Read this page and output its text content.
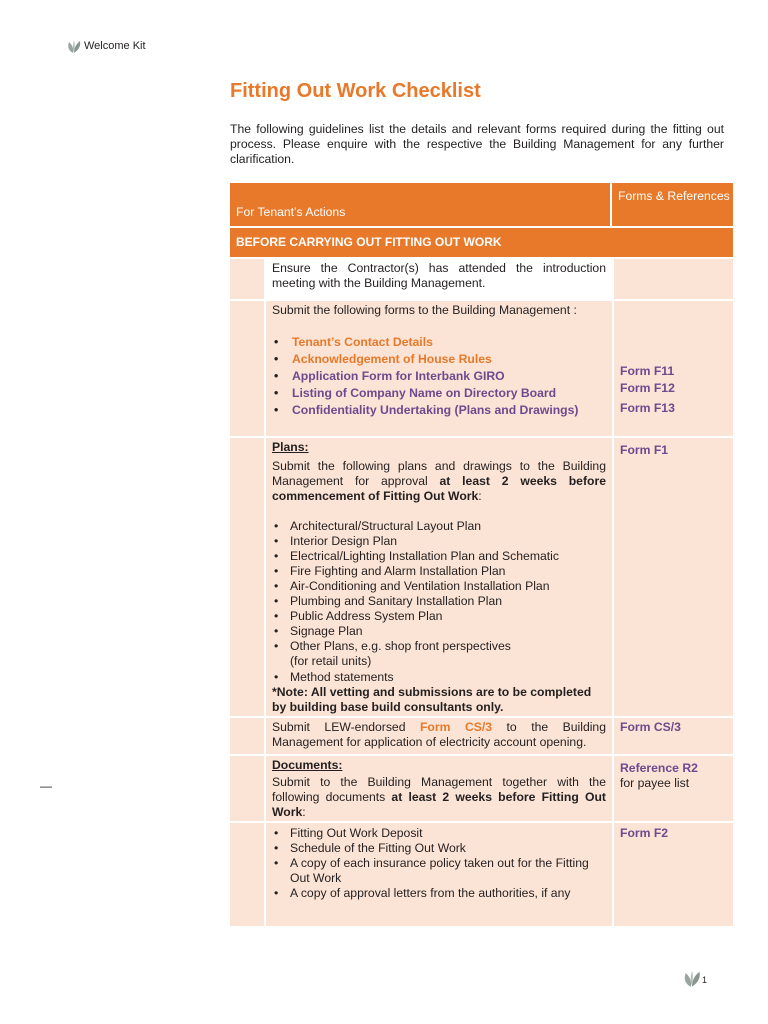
Welcome Kit
Fitting Out Work Checklist

The following guidelines list the details and relevant forms required during the fitting out process. Please enquire with the respective the Building Management for any further clarification.

—
For Tenant’s Actions
Forms & References
BEFORE CARRYING OUT FITTING OUT WORK
Ensure the Contractor(s) has attended the introduction meeting with the Building Management.
Submit the following forms to the Building Management :
• Tenant’s Contact Details
• Acknowledgement of House Rules
• Application Form for Interbank GIRO
• Listing of Company Name on Directory Board
• Confidentiality Undertaking (Plans and Drawings)
Form F11
Form F12
Form F13
Plans:
Submit the following plans and drawings to the Building Management for approval at least 2 weeks before commencement of Fitting Out Work:
• Architectural/Structural Layout Plan
• Interior Design Plan
• Electrical/Lighting Installation Plan and Schematic
• Fire Fighting and Alarm Installation Plan
• Air-Conditioning and Ventilation Installation Plan
• Plumbing and Sanitary Installation Plan
• Public Address System Plan
• Signage Plan
• Other Plans, e.g. shop front perspectives (for retail units)
• Method statements
*Note: All vetting and submissions are to be completed by building base build consultants only.
Form F1
Submit LEW-endorsed Form CS/3 to the Building Management for application of electricity account opening.
Form CS/3
Documents:
Submit to the Building Management together with the following documents at least 2 weeks before Fitting Out Work:
Reference R2
for payee list
• Fitting Out Work Deposit
• Schedule of the Fitting Out Work
• A copy of each insurance policy taken out for the Fitting Out Work
• A copy of approval letters from the authorities, if any
Form F2
1
